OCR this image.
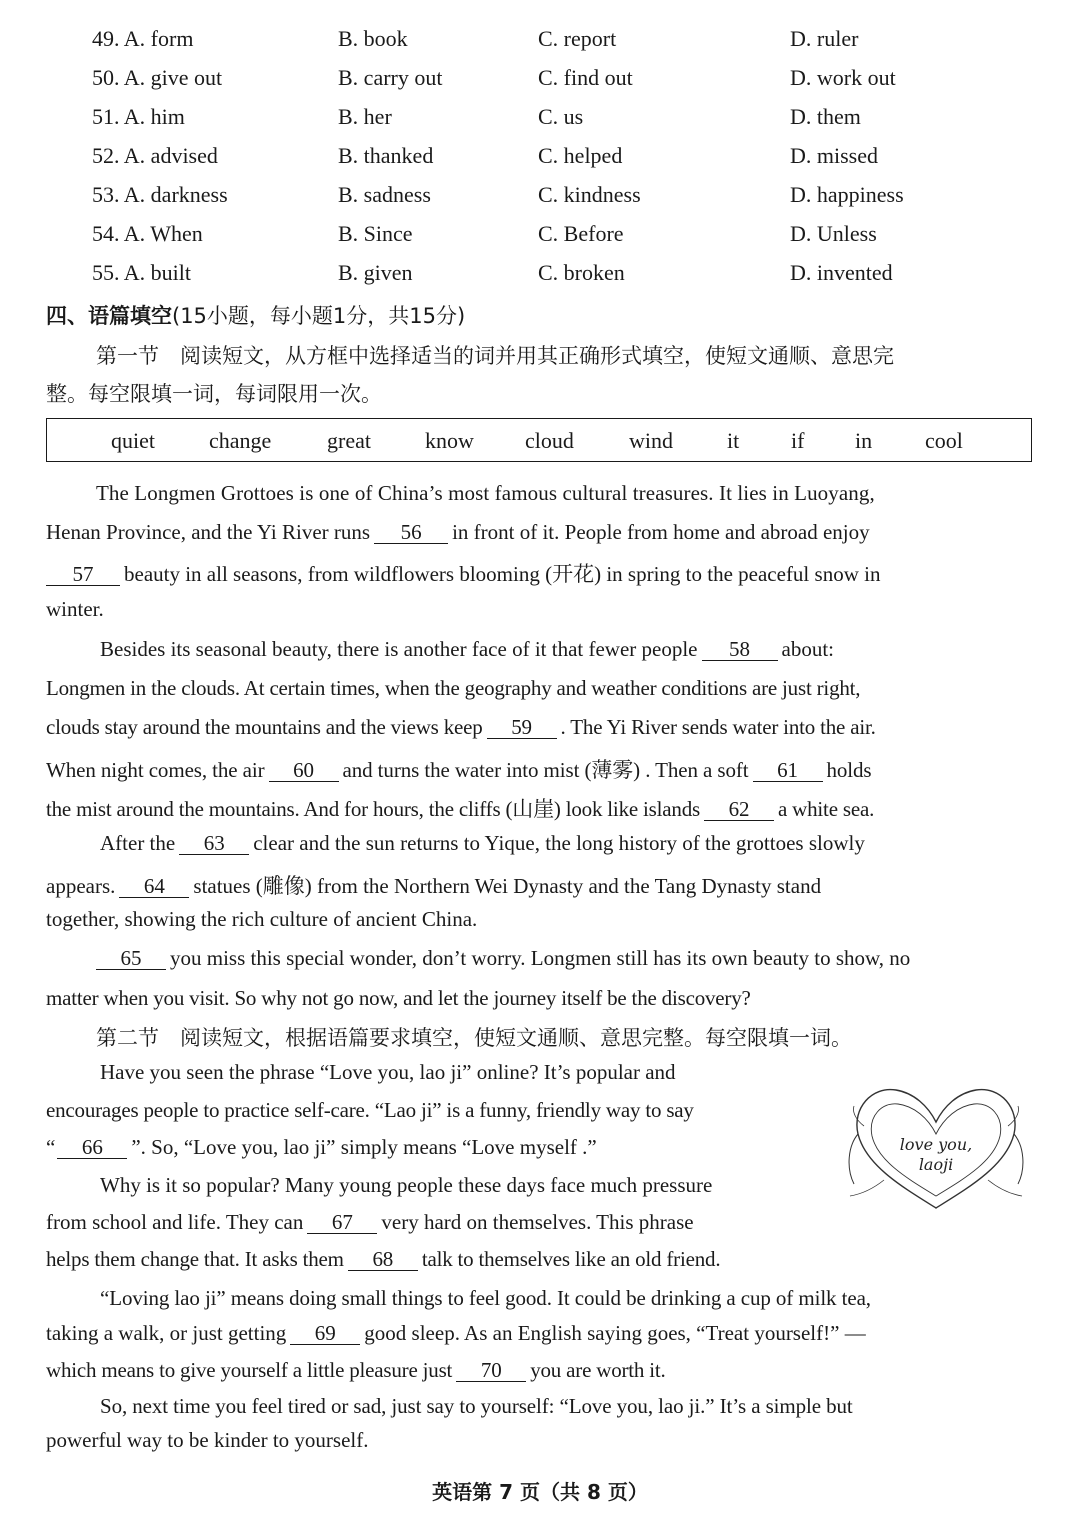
49. A. form	B. book	C. report	D. ruler
50. A. give out	B. carry out	C. find out	D. work out
51. A. him	B. her	C. us	D. them
52. A. advised	B. thanked	C. helped	D. missed
53. A. darkness	B. sadness	C. kindness	D. happiness
54. A. When	B. Since	C. Before	D. Unless
55. A. built	B. given	C. broken	D. invented
四、语篇填空(15小题，每小题1分，共15分)
第一节　阅读短文，从方框中选择适当的词并用其正确形式填空，使短文通顺、意思完
整。每空限填一词，每词限用一次。
quiet change	great know cloud	wind it if in cool
The Longmen Grottoes is one of China’s most famous cultural treasures. It lies in Luoyang,
Henan Province, and the Yi River runs 56 in front of it. People from home and abroad enjoy
57 beauty in all seasons, from wildflowers blooming (开花) in spring to the peaceful snow in
winter.
Besides its seasonal beauty, there is another face of it that fewer people 58 about:
Longmen in the clouds. At certain times, when the geography and weather conditions are just right,
clouds stay around the mountains and the views keep 59 . The Yi River sends water into the air.
When night comes, the air 60 and turns the water into mist (薄雾) . Then a soft 61 holds
the mist around the mountains. And for hours, the cliffs (山崖) look like islands 62 a white sea.
After the 63 clear and the sun returns to Yique, the long history of the grottoes slowly
appears. 64 statues (雕像) from the Northern Wei Dynasty and the Tang Dynasty stand
together, showing the rich culture of ancient China.
65 you miss this special wonder, don’t worry. Longmen still has its own beauty to show, no
matter when you visit. So why not go now, and let the journey itself be the discovery?
第二节　阅读短文，根据语篇要求填空，使短文通顺、意思完整。每空限填一词。
Have you seen the phrase “Love you, lao ji” online? It’s popular and
encourages people to practice self-care. “Lao ji” is a funny, friendly way to say
“ 66 ”. So, “Love you, lao ji” simply means “Love myself .”
Why is it so popular? Many young people these days face much pressure
from school and life. They can 67 very hard on themselves. This phrase
helps them change that. It asks them 68 talk to themselves like an old friend.
love you,
laoji
“Loving lao ji” means doing small things to feel good. It could be drinking a cup of milk tea,
taking a walk, or just getting 69 good sleep. As an English saying goes, “Treat yourself!” —
which means to give yourself a little pleasure just 70 you are worth it.
So, next time you feel tired or sad, just say to yourself: “Love you, lao ji.” It’s a simple but
powerful way to be kinder to yourself.
英语第 7 页（共 8 页）
